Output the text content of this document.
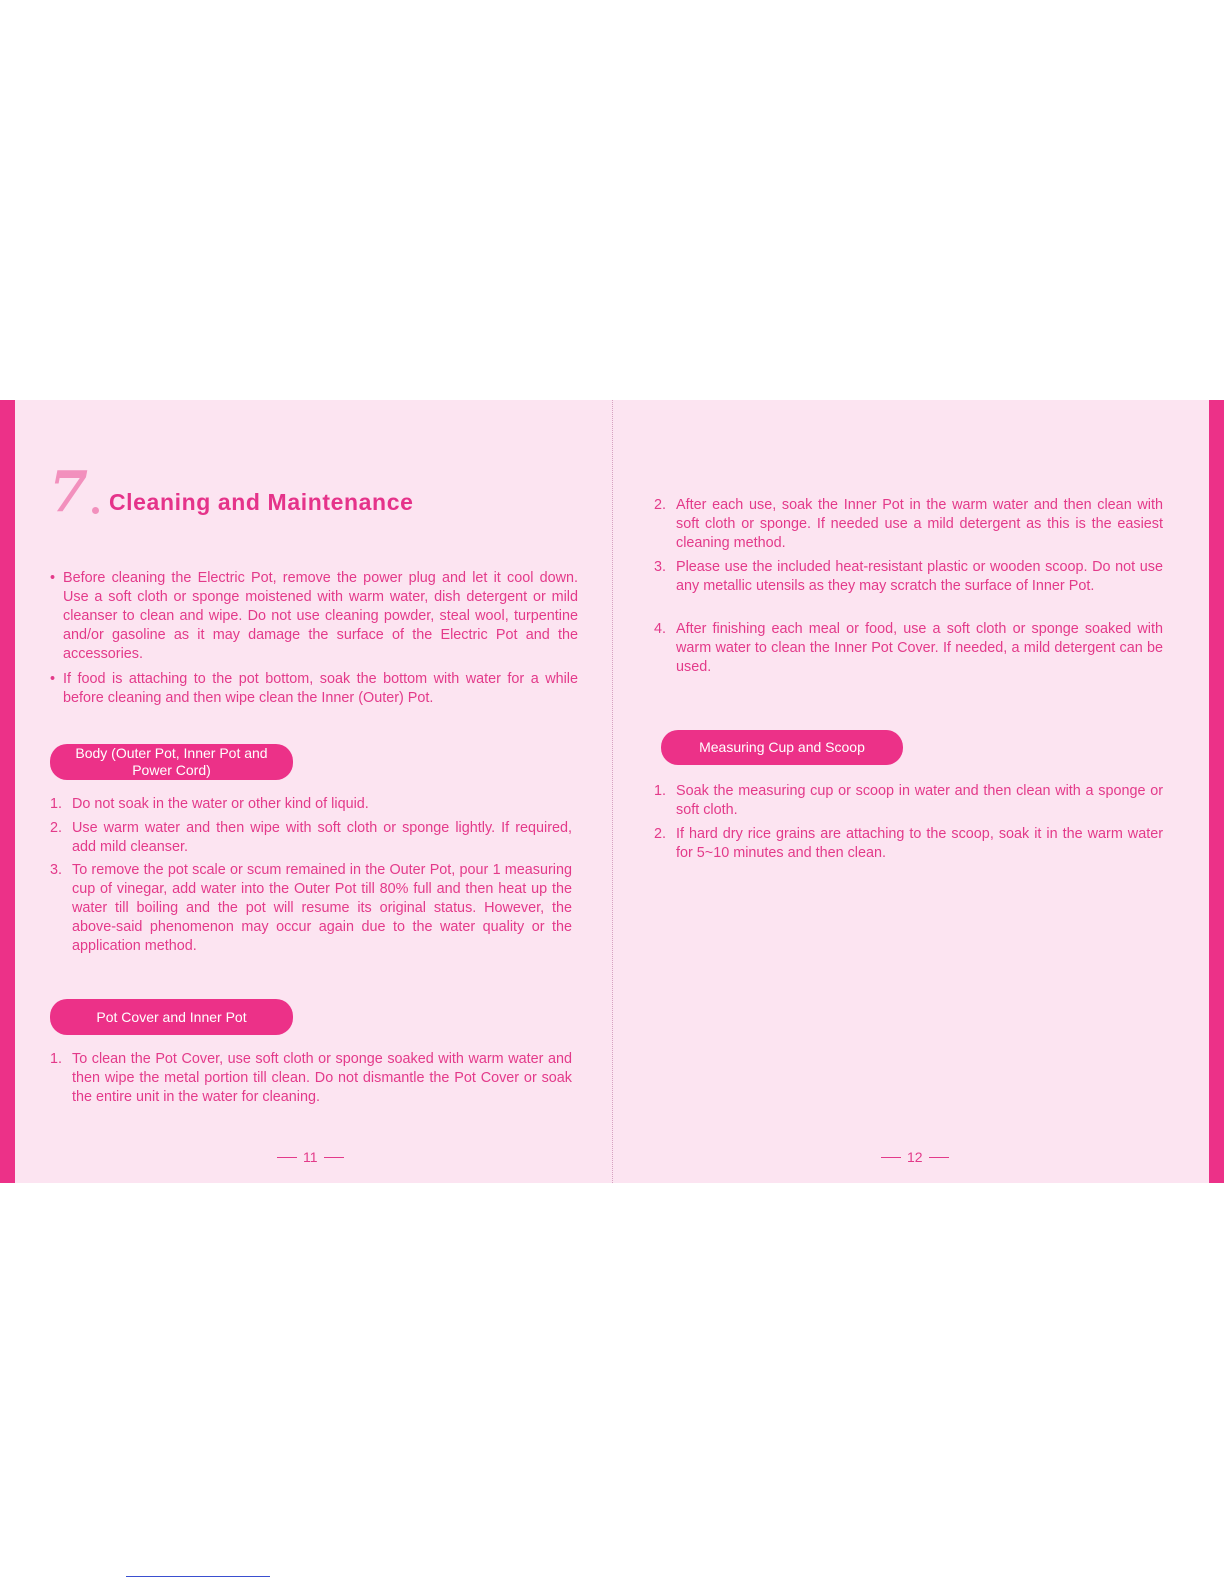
7 Cleaning and Maintenance
• Before cleaning the Electric Pot, remove the power plug and let it cool down. Use a soft cloth or sponge moistened with warm water, dish detergent or mild cleanser to clean and wipe. Do not use cleaning powder, steal wool, turpentine and/or gasoline as it may damage the surface of the Electric Pot and the accessories.
• If food is attaching to the pot bottom, soak the bottom with water for a while before cleaning and then wipe clean the Inner (Outer) Pot.
Body (Outer Pot, Inner Pot and Power Cord)
1. Do not soak in the water or other kind of liquid.
2. Use warm water and then wipe with soft cloth or sponge lightly. If required, add mild cleanser.
3. To remove the pot scale or scum remained in the Outer Pot, pour 1 measuring cup of vinegar, add water into the Outer Pot till 80% full and then heat up the water till boiling and the pot will resume its original status. However, the above-said phenomenon may occur again due to the water quality or the application method.
Pot Cover and Inner Pot
1. To clean the Pot Cover, use soft cloth or sponge soaked with warm water and then wipe the metal portion till clean. Do not dismantle the Pot Cover or soak the entire unit in the water for cleaning.
11
2. After each use, soak the Inner Pot in the warm water and then clean with soft cloth or sponge. If needed use a mild detergent as this is the easiest cleaning method.
3. Please use the included heat-resistant plastic or wooden scoop. Do not use any metallic utensils as they may scratch the surface of Inner Pot.
4. After finishing each meal or food, use a soft cloth or sponge soaked with warm water to clean the Inner Pot Cover. If needed, a mild detergent can be used.
Measuring Cup and Scoop
1. Soak the measuring cup or scoop in water and then clean with a sponge or soft cloth.
2. If hard dry rice grains are attaching to the scoop, soak it in the warm water for 5~10 minutes and then clean.
12
